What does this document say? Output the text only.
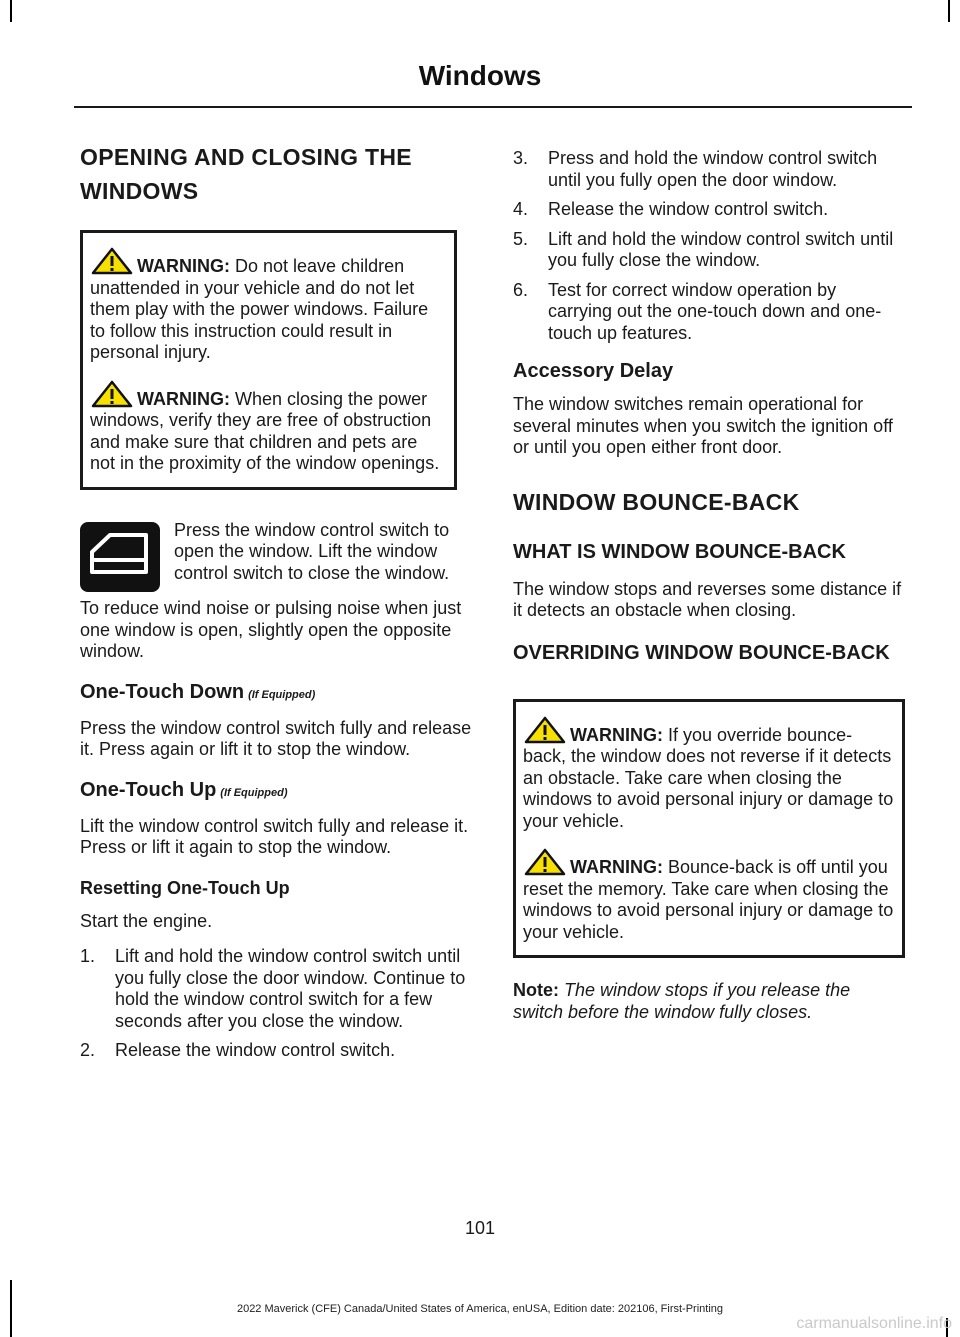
Windows
OPENING AND CLOSING THE
WINDOWS
WARNING: Do not leave children unattended in your vehicle and do not let them play with the power windows. Failure to follow this instruction could result in personal injury.
WARNING: When closing the power windows, verify they are free of obstruction and make sure that children and pets are not in the proximity of the window openings.
Press the window control switch to open the window. Lift the window control switch to close the window.

To reduce wind noise or pulsing noise when just one window is open, slightly open the opposite window.

One-Touch Down (If Equipped)

Press the window control switch fully and release it. Press again or lift it to stop the window.

One-Touch Up (If Equipped)

Lift the window control switch fully and release it. Press or lift it again to stop the window.

Resetting One-Touch Up

Start the engine.

1.	Lift and hold the window control switch until you fully close the door window. Continue to hold the window control switch for a few seconds after you close the window.
2.	Release the window control switch.
3.	Press and hold the window control switch until you fully open the door window.
4.	Release the window control switch.
5.	Lift and hold the window control switch until you fully close the window.
6.	Test for correct window operation by carrying out the one-touch down and one-touch up features.
Accessory Delay

The window switches remain operational for several minutes when you switch the ignition off or until you open either front door.

WINDOW BOUNCE-BACK
WHAT IS WINDOW BOUNCE-BACK

The window stops and reverses some distance if it detects an obstacle when closing.

OVERRIDING WINDOW BOUNCE-BACK
WARNING: If you override bounce-back, the window does not reverse if it detects an obstacle. Take care when closing the windows to avoid personal injury or damage to your vehicle.
WARNING: Bounce-back is off until you reset the memory. Take care when closing the windows to avoid personal injury or damage to your vehicle.

Note: The window stops if you release the switch before the window fully closes.

101
2022 Maverick (CFE) Canada/United States of America, enUSA, Edition date: 202106, First-Printing
carmanualsonline.info
